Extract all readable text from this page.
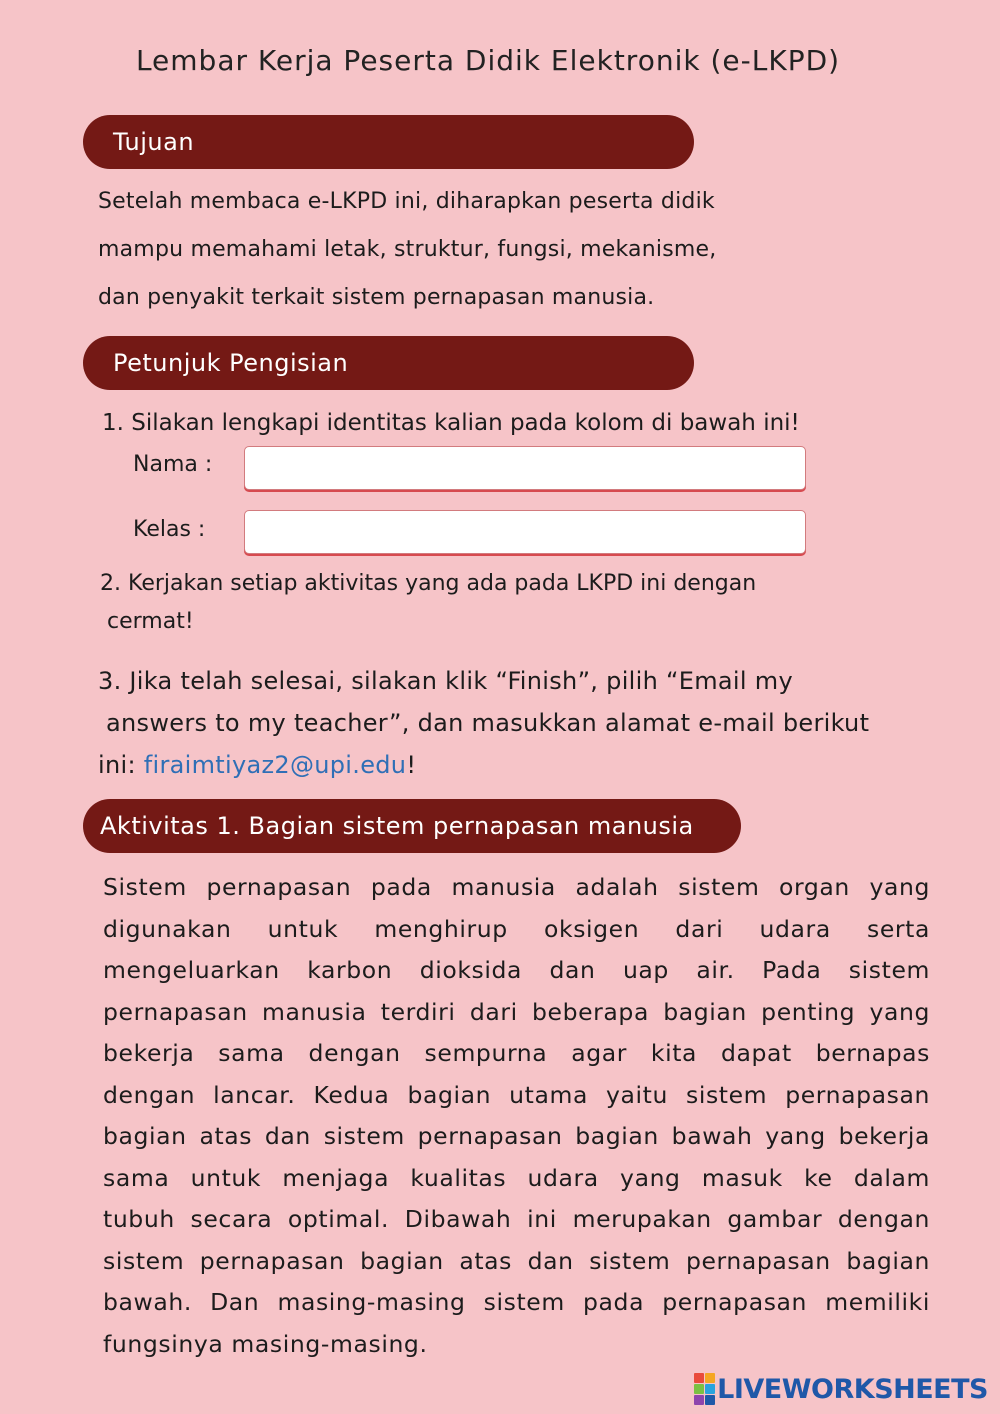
Lembar Kerja Peserta Didik Elektronik (e-LKPD)
Tujuan
Setelah membaca e-LKPD ini, diharapkan peserta didik
mampu memahami letak, struktur, fungsi, mekanisme,
dan penyakit terkait sistem pernapasan manusia.
Petunjuk Pengisian
1. Silakan lengkapi identitas kalian pada kolom di bawah ini!
Nama :
Kelas :
2. Kerjakan setiap aktivitas yang ada pada LKPD ini dengan
cermat!
3. Jika telah selesai, silakan klik “Finish”, pilih “Email my
answers to my teacher”, dan masukkan alamat e-mail berikut
ini: firaimtiyaz2@upi.edu!
Aktivitas 1. Bagian sistem pernapasan manusia
Sistem pernapasan pada manusia adalah sistem organ yang
digunakan untuk menghirup oksigen dari udara serta
mengeluarkan karbon dioksida dan uap air. Pada sistem
pernapasan manusia terdiri dari beberapa bagian penting yang
bekerja sama dengan sempurna agar kita dapat bernapas
dengan lancar. Kedua bagian utama yaitu sistem pernapasan
bagian atas dan sistem pernapasan bagian bawah yang bekerja
sama untuk menjaga kualitas udara yang masuk ke dalam
tubuh secara optimal. Dibawah ini merupakan gambar dengan
sistem pernapasan bagian atas dan sistem pernapasan bagian
bawah. Dan masing-masing sistem pada pernapasan memiliki
fungsinya masing-masing.
LIVEWORKSHEETS
